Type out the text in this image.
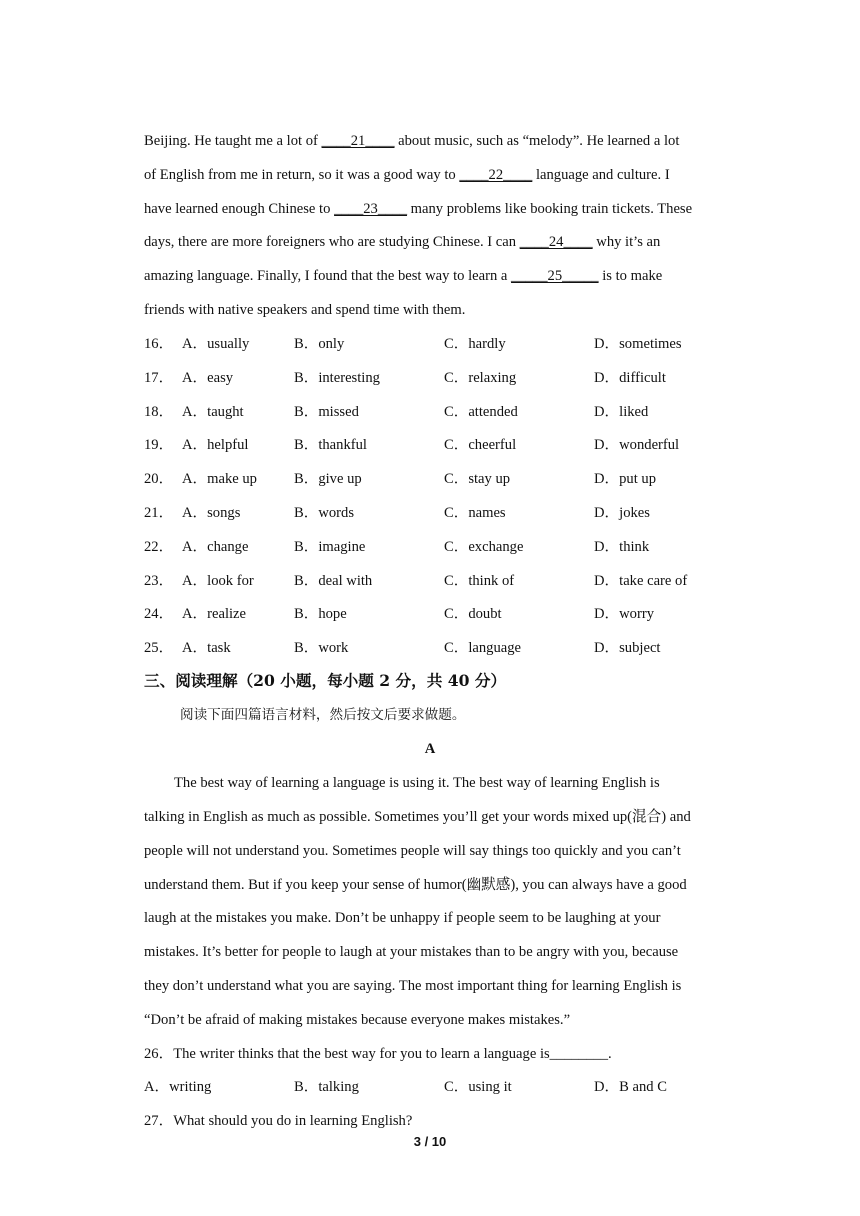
Beijing. He taught me a lot of ____21____ about music, such as “melody”. He learned a lot
of English from me in return, so it was a good way to ____22____ language and culture. I
have learned enough Chinese to ____23____ many problems like booking train tickets. These
days, there are more foreigners who are studying Chinese. I can ____24____ why it’s an
amazing language. Finally, I found that the best way to learn a _____25_____ is to make
friends with native speakers and spend time with them.
16． A．usually	B．only	C．hardly	D．sometimes
17． A．easy	B．interesting	C．relaxing	D．difficult
18． A．taught	B．missed	C．attended	D．liked
19． A．helpful	B．thankful	C．cheerful	D．wonderful
20． A．make up	B．give up	C．stay up	D．put up
21． A．songs	B．words	C．names	D．jokes
22． A．change	B．imagine	C．exchange	D．think
23． A．look for	B．deal with	C．think of	D．take care of
24． A．realize	B．hope	C．doubt	D．worry
25． A．task	B．work	C．language	D．subject
三、阅读理解（20 小题，每小题 2 分，共 40 分）
阅读下面四篇语言材料，然后按文后要求做题。
A
The best way of learning a language is using it. The best way of learning English is
talking in English as much as possible. Sometimes you’ll get your words mixed up(混合) and
people will not understand you. Sometimes people will say things too quickly and you can’t
understand them. But if you keep your sense of humor(幽默感), you can always have a good
laugh at the mistakes you make. Don’t be unhappy if people seem to be laughing at your
mistakes. It’s better for people to laugh at your mistakes than to be angry with you, because
they don’t understand what you are saying. The most important thing for learning English is
“Don’t be afraid of making mistakes because everyone makes mistakes.”
26．The writer thinks that the best way for you to learn a language is________.
A．writing	B．talking	C．using it	D．B and C
27．What should you do in learning English?
3 / 10
